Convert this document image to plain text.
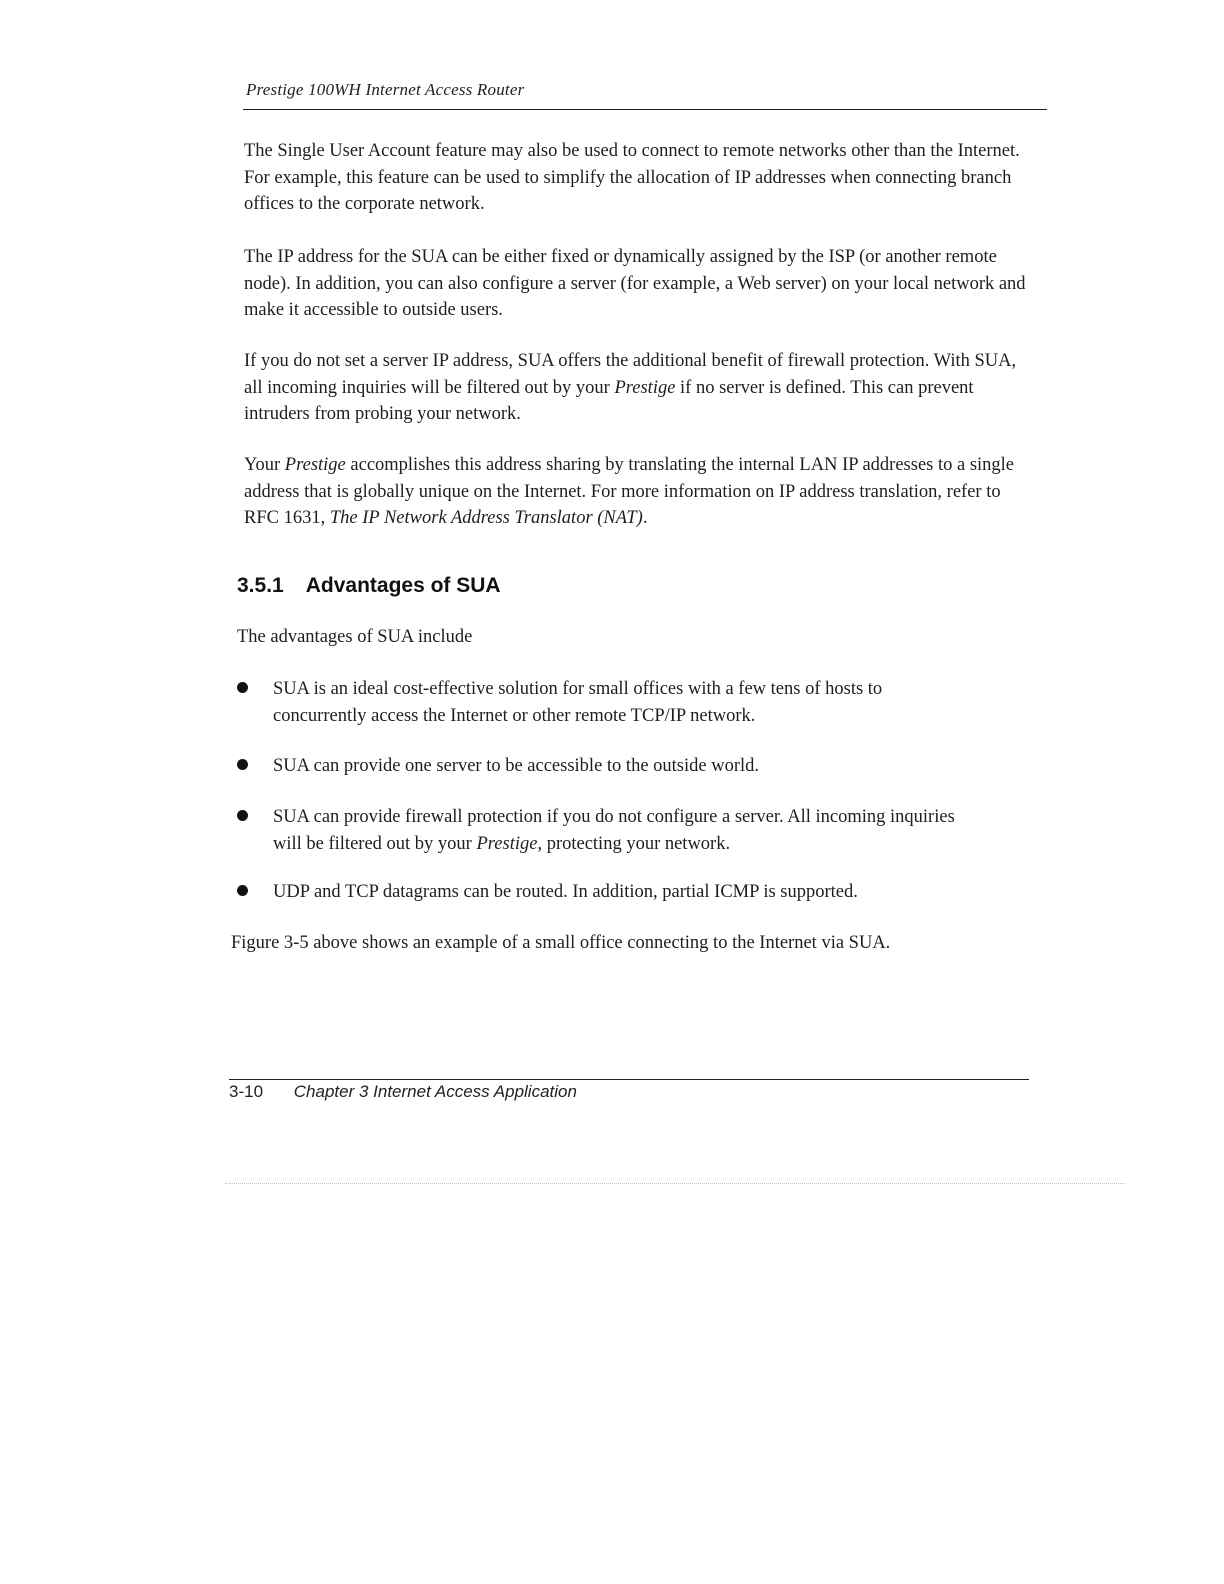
Prestige 100WH Internet Access Router

The Single User Account feature may also be used to connect to remote networks other than the Internet. For example, this feature can be used to simplify the allocation of IP addresses when connecting branch offices to the corporate network.

The IP address for the SUA can be either fixed or dynamically assigned by the ISP (or another remote node). In addition, you can also configure a server (for example, a Web server) on your local network and make it accessible to outside users.

If you do not set a server IP address, SUA offers the additional benefit of firewall protection. With SUA, all incoming inquiries will be filtered out by your Prestige if no server is defined. This can prevent intruders from probing your network.

Your Prestige accomplishes this address sharing by translating the internal LAN IP addresses to a single address that is globally unique on the Internet. For more information on IP address translation, refer to RFC 1631, The IP Network Address Translator (NAT).

3.5.1 Advantages of SUA

The advantages of SUA include

SUA is an ideal cost-effective solution for small offices with a few tens of hosts to concurrently access the Internet or other remote TCP/IP network.
SUA can provide one server to be accessible to the outside world.
SUA can provide firewall protection if you do not configure a server. All incoming inquiries will be filtered out by your Prestige, protecting your network.
UDP and TCP datagrams can be routed. In addition, partial ICMP is supported.

Figure 3-5 above shows an example of a small office connecting to the Internet via SUA.

3-10 Chapter 3 Internet Access Application
